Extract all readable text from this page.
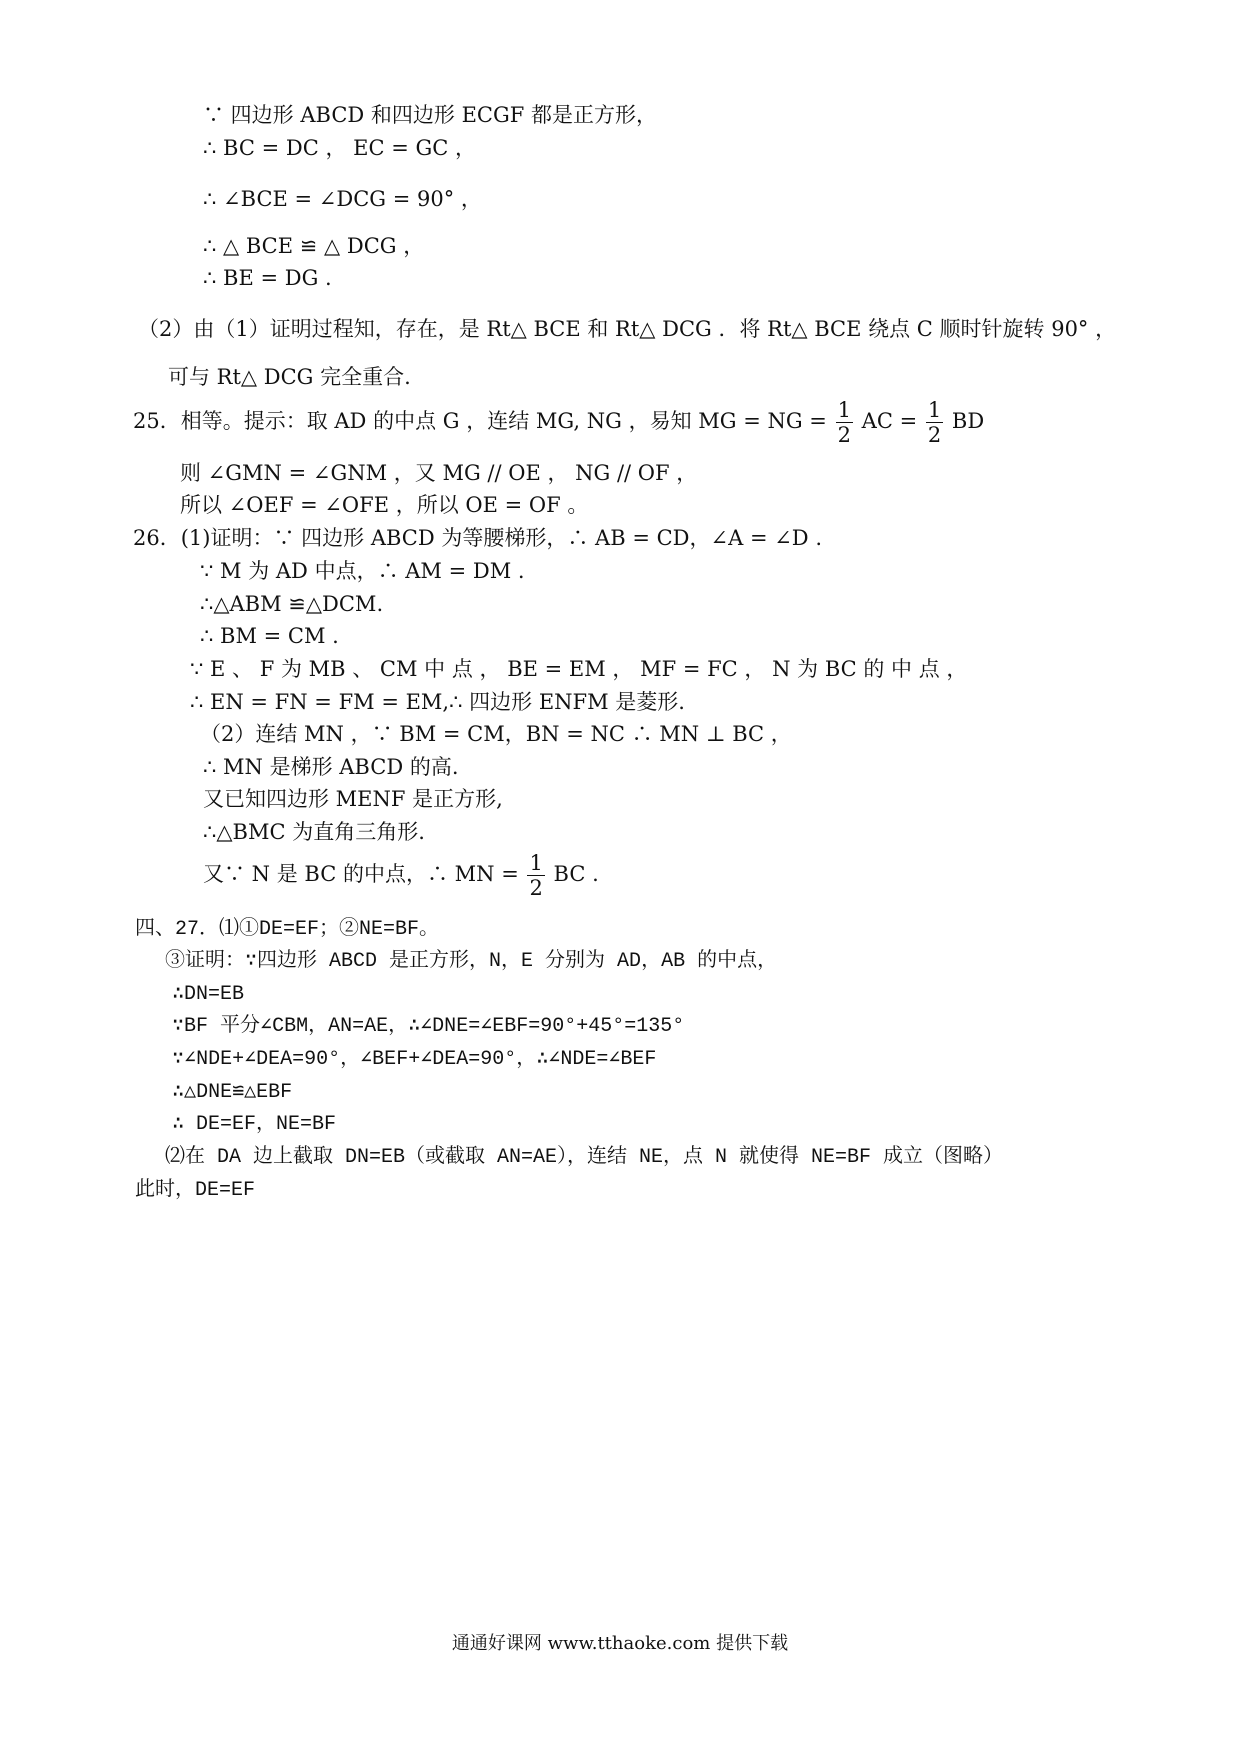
∵ 四边形 ABCD 和四边形 ECGF 都是正方形，
∴ BC = DC ， EC = GC ，
∴ ∠BCE = ∠DCG = 90° ，
∴ △ BCE ≌ △ DCG ，
∴ BE = DG .
（2）由（1）证明过程知，存在，是 Rt△ BCE 和 Rt△ DCG ．将 Rt△ BCE 绕点 C 顺时针旋转 90° ，
可与 Rt△ DCG 完全重合.
25．相等。提示：取 AD 的中点 G ，连结 MG, NG ，易知 MG = NG = $\frac{1}{2}$ AC = $\frac{1}{2}$ BD
则 ∠GMN = ∠GNM ，又 MG // OE ， NG // OF ，
所以 ∠OEF = ∠OFE ，所以 OE = OF 。
26．(1)证明：∵ 四边形 ABCD 为等腰梯形，∴ AB = CD，∠A = ∠D .
∵ M 为 AD 中点，∴ AM = DM .
∴△ABM ≌△DCM.
∴ BM = CM .
∵ E 、 F 为 MB 、 CM 中 点 ， BE = EM ， MF = FC ， N 为 BC 的 中 点 ，
∴ EN = FN = FM = EM,∴ 四边形 ENFM 是菱形.
（2）连结 MN ，∵ BM = CM，BN = NC ∴ MN ⊥ BC ，
∴ MN 是梯形 ABCD 的高.
又已知四边形 MENF 是正方形,
∴△BMC 为直角三角形.
又∵ N 是 BC 的中点，∴ MN = $\frac{1}{2}$ BC .
四、27．⑴①DE=EF；②NE=BF。
③证明：∵四边形 ABCD 是正方形，N，E 分别为 AD，AB 的中点，
∴DN=EB
∵BF 平分∠CBM，AN=AE，∴∠DNE=∠EBF=90°+45°=135°
∵∠NDE+∠DEA=90°，∠BEF+∠DEA=90°，∴∠NDE=∠BEF
∴△DNE≌△EBF
∴ DE=EF，NE=BF
⑵在 DA 边上截取 DN=EB（或截取 AN=AE），连结 NE，点 N 就使得 NE=BF 成立（图略）
此时，DE=EF
通通好课网 www.tthaoke.com 提供下载
